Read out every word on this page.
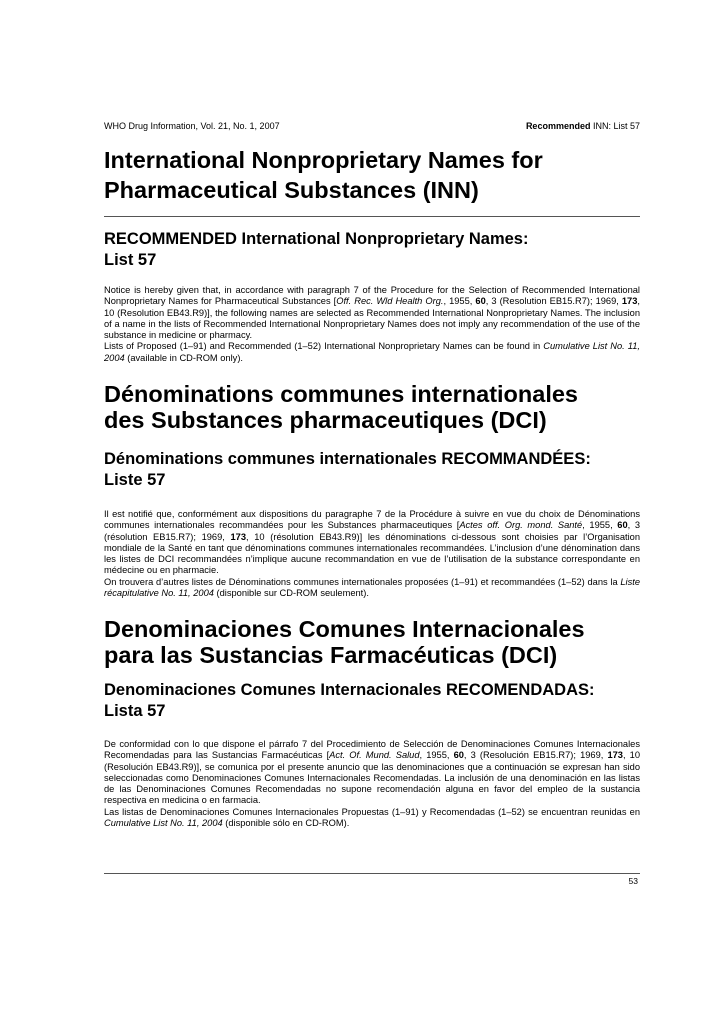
WHO Drug Information, Vol. 21, No. 1, 2007	Recommended INN: List 57
International Nonproprietary Names for
Pharmaceutical Substances (INN)
RECOMMENDED International Nonproprietary Names:
List 57
Notice is hereby given that, in accordance with paragraph 7 of the Procedure for the Selection of Recommended International Nonproprietary Names for Pharmaceutical Substances [Off. Rec. Wld Health Org., 1955, 60, 3 (Resolution EB15.R7); 1969, 173, 10 (Resolution EB43.R9)], the following names are selected as Recommended International Nonproprietary Names. The inclusion of a name in the lists of Recommended International Nonproprietary Names does not imply any recommendation of the use of the substance in medicine or pharmacy.
Lists of Proposed (1–91) and Recommended (1–52) International Nonproprietary Names can be found in Cumulative List No. 11, 2004 (available in CD-ROM only).
Dénominations communes internationales
des Substances pharmaceutiques (DCI)
Dénominations communes internationales RECOMMANDÉES:
Liste 57
Il est notifié que, conformément aux dispositions du paragraphe 7 de la Procédure à suivre en vue du choix de Dénominations communes internationales recommandées pour les Substances pharmaceutiques [Actes off. Org. mond. Santé, 1955, 60, 3 (résolution EB15.R7); 1969, 173, 10 (résolution EB43.R9)] les dénominations ci-dessous sont choisies par l’Organisation mondiale de la Santé en tant que dénominations communes internationales recommandées. L’inclusion d’une dénomination dans les listes de DCI recommandées n’implique aucune recommandation en vue de l’utilisation de la substance correspondante en médecine ou en pharmacie.
On trouvera d’autres listes de Dénominations communes internationales proposées (1–91) et recommandées (1–52) dans la Liste récapitulative No. 11, 2004 (disponible sur CD-ROM seulement).
Denominaciones Comunes Internacionales
para las Sustancias Farmacéuticas (DCI)
Denominaciones Comunes Internacionales RECOMENDADAS:
Lista 57
De conformidad con lo que dispone el párrafo 7 del Procedimiento de Selección de Denominaciones Comunes Internacionales Recomendadas para las Sustancias Farmacéuticas [Act. Of. Mund. Salud, 1955, 60, 3 (Resolución EB15.R7); 1969, 173, 10 (Resolución EB43.R9)], se comunica por el presente anuncio que las denominaciones que a continuación se expresan han sido seleccionadas como Denominaciones Comunes Internacionales Recomendadas. La inclusión de una denominación en las listas de las Denominaciones Comunes Recomendadas no supone recomendación alguna en favor del empleo de la sustancia respectiva en medicina o en farmacia.
Las listas de Denominaciones Comunes Internacionales Propuestas (1–91) y Recomendadas (1–52) se encuentran reunidas en Cumulative List No. 11, 2004 (disponible sólo en CD-ROM).
53
